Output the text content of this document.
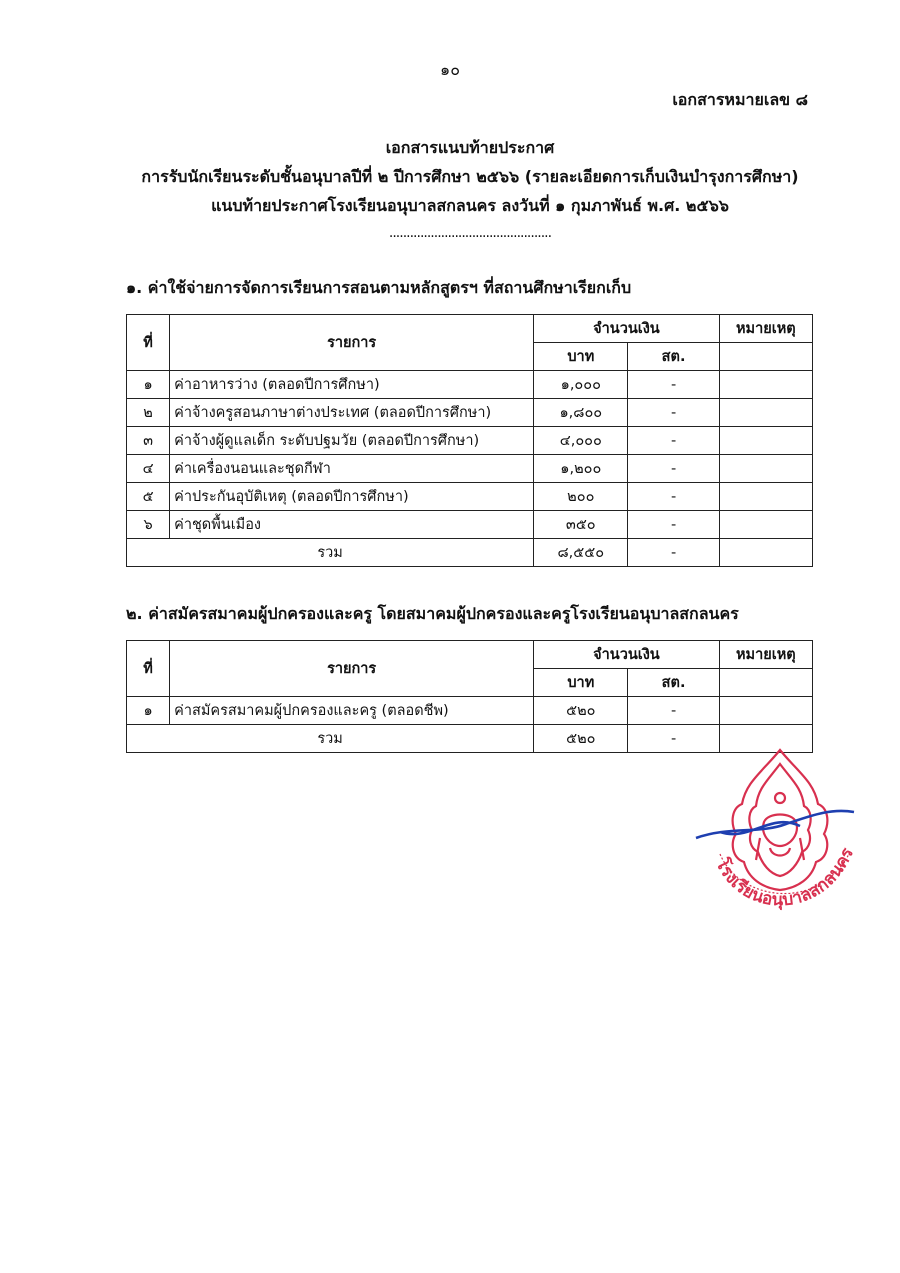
๑๐
เอกสารหมายเลข ๘
เอกสารแนบท้ายประกาศ
การรับนักเรียนระดับชั้นอนุบาลปีที่ ๒ ปีการศึกษา ๒๕๖๖ (รายละเอียดการเก็บเงินบำรุงการศึกษา)
แนบท้ายประกาศโรงเรียนอนุบาลสกลนคร ลงวันที่ ๑ กุมภาพันธ์ พ.ศ. ๒๕๖๖
...............................................
๑. ค่าใช้จ่ายการจัดการเรียนการสอนตามหลักสูตรฯ ที่สถานศึกษาเรียกเก็บ
ที่	รายการ	จำนวนเงิน		หมายเหตุ
		บาท	สต.	
๑	ค่าอาหารว่าง (ตลอดปีการศึกษา)	๑,๐๐๐	-	
๒	ค่าจ้างครูสอนภาษาต่างประเทศ (ตลอดปีการศึกษา)	๑,๘๐๐	-	
๓	ค่าจ้างผู้ดูแลเด็ก ระดับปฐมวัย (ตลอดปีการศึกษา)	๔,๐๐๐	-	
๔	ค่าเครื่องนอนและชุดกีฬา	๑,๒๐๐	-	
๕	ค่าประกันอุบัติเหตุ (ตลอดปีการศึกษา)	๒๐๐	-	
๖	ค่าชุดพื้นเมือง	๓๕๐	-	
รวม		๘,๕๕๐	-	
๒. ค่าสมัครสมาคมผู้ปกครองและครู โดยสมาคมผู้ปกครองและครูโรงเรียนอนุบาลสกลนคร
ที่	รายการ	จำนวนเงิน		หมายเหตุ
		บาท	สต.	
๑	ค่าสมัครสมาคมผู้ปกครองและครู (ตลอดชีพ)	๕๒๐	-	
รวม		๕๒๐	-	
โรงเรียนอนุบาลสกลนคร
